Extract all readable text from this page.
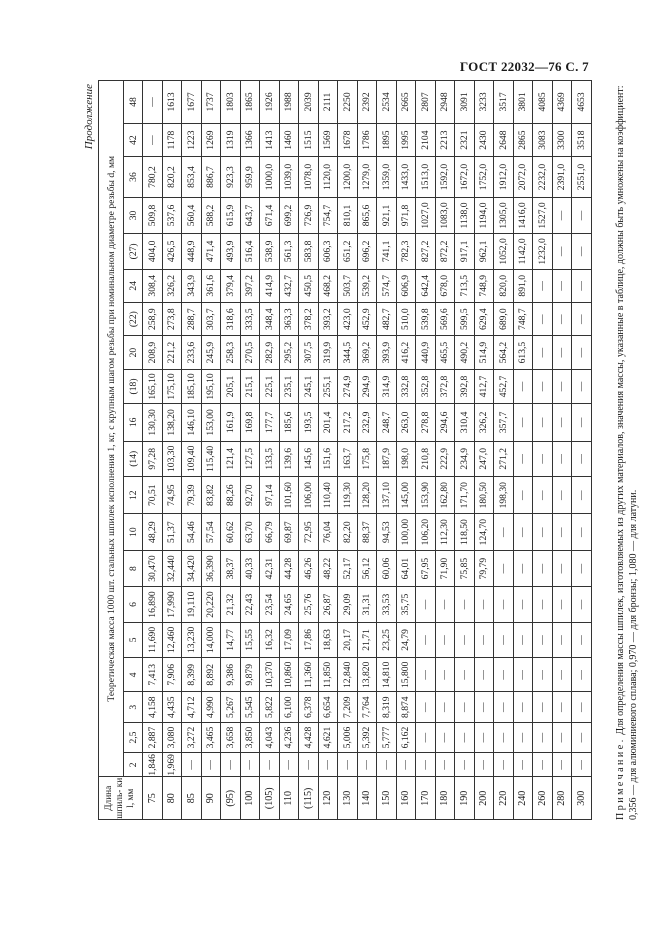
ГОСТ 22032—76 С. 7
Продолжение
Длина шпиль- ки l, мм	Теоретическая масса 1000 шт. стальных шпилек исполнения 1, кг, с крупным шагом резьбы при номинальном диаметре резьбы d, мм																			
	2	2,5	3	4	5	6	8	10	12	(14)	16	(18)	20	(22)	24	(27)	30	36	42	48
75	1,846	2,887	4,158	7,413	11,690	16,890	30,470	48,29	70,51	97,28	130,30	165,10	208,9	258,9	308,4	404,0	509,8	780,2	—	—
80	1,969	3,080	4,435	7,906	12,460	17,990	32,440	51,37	74,95	103,30	138,20	175,10	221,2	273,8	326,2	426,5	537,6	820,2	1178	1613
85	—	3,272	4,712	8,399	13,230	19,110	34,420	54,46	79,39	109,40	146,10	185,10	233,6	288,7	343,9	448,9	560,4	853,4	1223	1677
90	—	3,465	4,990	8,892	14,000	20,220	36,390	57,54	83,82	115,40	153,00	195,10	245,9	303,7	361,6	471,4	588,2	886,7	1269	1737
(95)	—	3,658	5,267	9,386	14,77	21,32	38,37	60,62	88,26	121,4	161,9	205,1	258,3	318,6	379,4	493,9	615,9	923,3	1319	1803
100	—	3,850	5,545	9,879	15,55	22,43	40,33	63,70	92,70	127,5	169,8	215,1	270,5	333,5	397,2	516,4	643,7	959,9	1366	1865
(105)	—	4,043	5,822	10,370	16,32	23,54	42,31	66,79	97,14	133,5	177,7	225,1	282,9	348,4	414,9	538,9	671,4	1000,0	1413	1926
110	—	4,236	6,100	10,860	17,09	24,65	44,28	69,87	101,60	139,6	185,6	235,1	295,2	363,3	432,7	561,3	699,2	1039,0	1460	1988
(115)	—	4,428	6,378	11,360	17,86	25,76	46,26	72,95	106,00	145,6	193,5	245,1	307,5	378,2	450,5	583,8	726,9	1078,0	1515	2039
120	—	4,621	6,654	11,850	18,63	26,87	48,22	76,04	110,40	151,6	201,4	255,1	319,9	393,2	468,2	606,3	754,7	1120,0	1569	2111
130	—	5,006	7,209	12,840	20,17	29,09	52,17	82,20	119,30	163,7	217,2	274,9	344,5	423,0	503,7	651,2	810,1	1200,0	1678	2250
140	—	5,392	7,764	13,820	21,71	31,31	56,12	88,37	128,20	175,8	232,9	294,9	369,2	452,9	539,2	696,2	865,6	1279,0	1786	2392
150	—	5,777	8,319	14,810	23,25	33,53	60,06	94,53	137,10	187,9	248,7	314,9	393,9	482,7	574,7	741,1	921,1	1359,0	1895	2534
160	—	6,162	8,874	15,800	24,79	35,75	64,01	100,00	145,00	198,0	263,0	332,8	416,2	510,0	606,9	782,3	971,8	1433,0	1995	2665
170	—	—	—	—	—	—	67,95	106,20	153,90	210,8	278,8	352,8	440,9	539,8	642,4	827,2	1027,0	1513,0	2104	2807
180	—	—	—	—	—	—	71,90	112,30	162,80	222,9	294,6	372,8	465,5	569,6	678,0	872,2	1083,0	1592,0	2213	2948
190	—	—	—	—	—	—	75,85	118,50	171,70	234,9	310,4	392,8	490,2	599,5	713,5	917,1	1138,0	1672,0	2321	3091
200	—	—	—	—	—	—	79,79	124,70	180,50	247,0	326,2	412,7	514,9	629,4	748,9	962,1	1194,0	1752,0	2430	3233
220	—	—	—	—	—	—	—	—	198,30	271,2	357,7	452,7	564,2	689,0	820,0	1052,0	1305,0	1912,0	2648	3517
240	—	—	—	—	—	—	—	—	—	—	—	—	613,5	748,7	891,0	1142,0	1416,0	2072,0	2865	3801
260	—	—	—	—	—	—	—	—	—	—	—	—	—	—	—	1232,0	1527,0	2232,0	3083	4085
280	—	—	—	—	—	—	—	—	—	—	—	—	—	—	—	—	—	2391,0	3300	4369
300	—	—	—	—	—	—	—	—	—	—	—	—	—	—	—	—	—	2551,0	3518	4653
Примечание. Для определения массы шпилек, изготовляемых из других материалов, значения массы, указанные в таблице, должны быть умножены на коэффициент: 0,356 — для алюминиевого сплава; 0,970 — для бронзы; 1,080 — для латуни.
